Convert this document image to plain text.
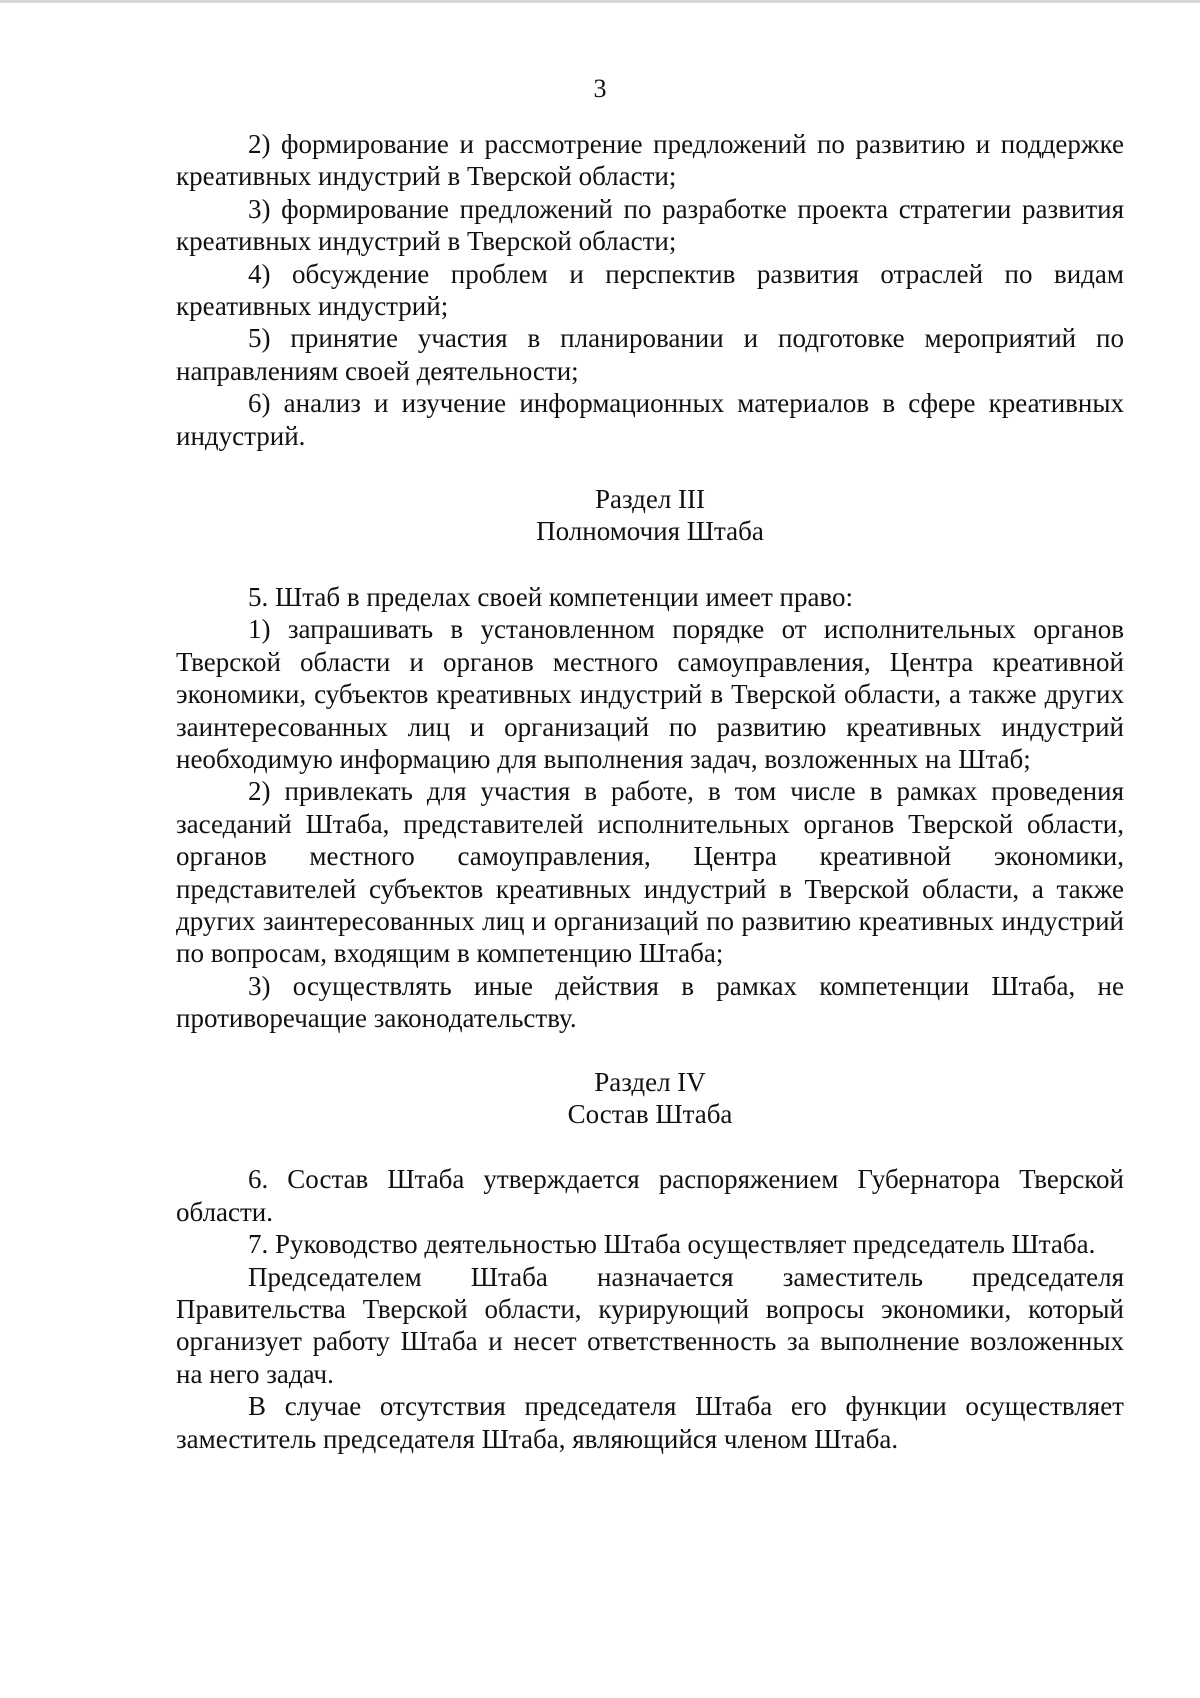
3

2) формирование и рассмотрение предложений по развитию и поддержке креативных индустрий в Тверской области;

3) формирование предложений по разработке проекта стратегии развития креативных индустрий в Тверской области;

4) обсуждение проблем и перспектив развития отраслей по видам креативных индустрий;

5) принятие участия в планировании и подготовке мероприятий по направлениям своей деятельности;

6) анализ и изучение информационных материалов в сфере креативных индустрий.

Раздел III
Полномочия Штаба

5. Штаб в пределах своей компетенции имеет право:

1) запрашивать в установленном порядке от исполнительных органов Тверской области и органов местного самоуправления, Центра креативной экономики, субъектов креативных индустрий в Тверской области, а также других заинтересованных лиц и организаций по развитию креативных индустрий необходимую информацию для выполнения задач, возложенных на Штаб;

2) привлекать для участия в работе, в том числе в рамках проведения заседаний Штаба, представителей исполнительных органов Тверской области, органов местного самоуправления, Центра креативной экономики, представителей субъектов креативных индустрий в Тверской области, а также других заинтересованных лиц и организаций по развитию креативных индустрий по вопросам, входящим в компетенцию Штаба;

3) осуществлять иные действия в рамках компетенции Штаба, не противоречащие законодательству.

Раздел IV
Состав Штаба

6. Состав Штаба утверждается распоряжением Губернатора Тверской области.

7. Руководство деятельностью Штаба осуществляет председатель Штаба.

Председателем Штаба назначается заместитель председателя Правительства Тверской области, курирующий вопросы экономики, который организует работу Штаба и несет ответственность за выполнение возложенных на него задач.

В случае отсутствия председателя Штаба его функции осуществляет заместитель председателя Штаба, являющийся членом Штаба.
